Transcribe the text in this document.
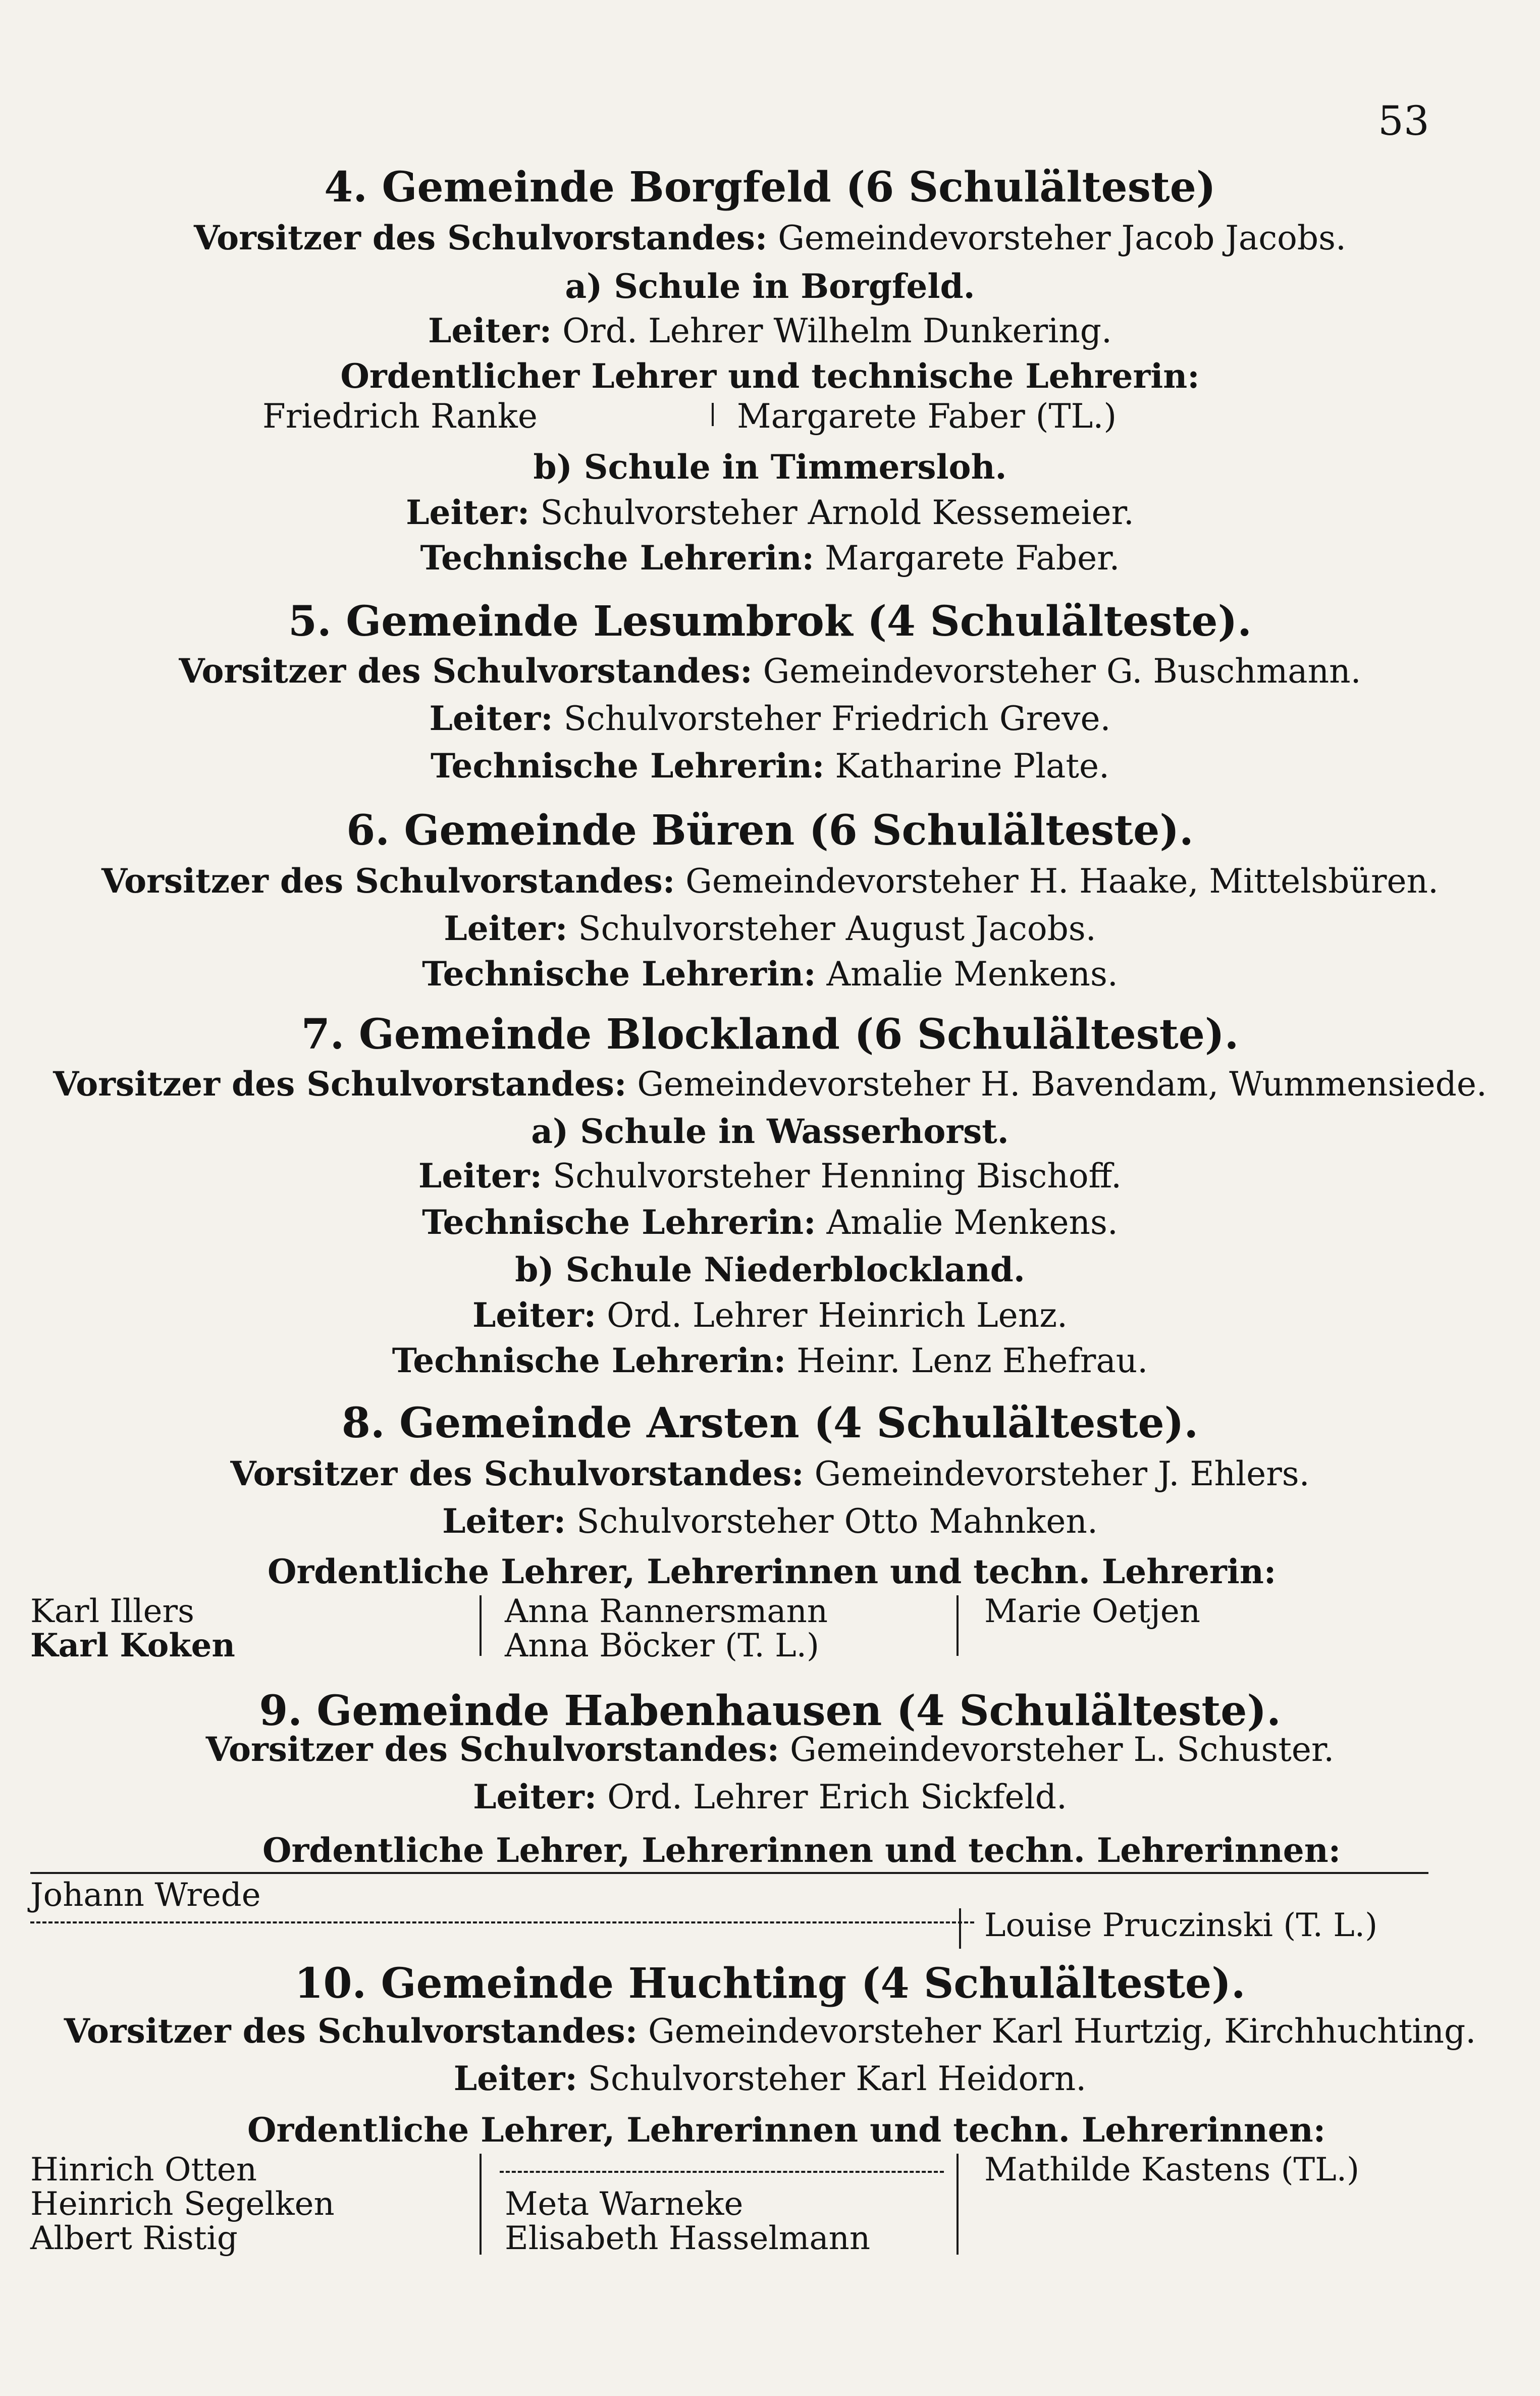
53
4. Gemeinde Borgfeld (6 Schulälteste)
Vorsitzer des Schulvorstandes: Gemeindevorsteher Jacob Jacobs.
a) Schule in Borgfeld.
Leiter: Ord. Lehrer Wilhelm Dunkering.
Ordentlicher Lehrer und technische Lehrerin:
Friedrich Ranke	Margarete Faber (TL.)
b) Schule in Timmersloh.
Leiter: Schulvorsteher Arnold Kessemeier.
Technische Lehrerin: Margarete Faber.
5. Gemeinde Lesumbrok (4 Schulälteste).
Vorsitzer des Schulvorstandes: Gemeindevorsteher G. Buschmann.
Leiter: Schulvorsteher Friedrich Greve.
Technische Lehrerin: Katharine Plate.
6. Gemeinde Büren (6 Schulälteste).
Vorsitzer des Schulvorstandes: Gemeindevorsteher H. Haake, Mittelsbüren.
Leiter: Schulvorsteher August Jacobs.
Technische Lehrerin: Amalie Menkens.
7. Gemeinde Blockland (6 Schulälteste).
Vorsitzer des Schulvorstandes: Gemeindevorsteher H. Bavendam, Wummensiede.
a) Schule in Wasserhorst.
Leiter: Schulvorsteher Henning Bischoff.
Technische Lehrerin: Amalie Menkens.
b) Schule Niederblockland.
Leiter: Ord. Lehrer Heinrich Lenz.
Technische Lehrerin: Heinr. Lenz Ehefrau.
8. Gemeinde Arsten (4 Schulälteste).
Vorsitzer des Schulvorstandes: Gemeindevorsteher J. Ehlers.
Leiter: Schulvorsteher Otto Mahnken.
Ordentliche Lehrer, Lehrerinnen und techn. Lehrerin:
Karl Illers
Karl Koken
Anna Rannersmann
Anna Böcker (T. L.)
Marie Oetjen
9. Gemeinde Habenhausen (4 Schulälteste).
Vorsitzer des Schulvorstandes: Gemeindevorsteher L. Schuster.
Leiter: Ord. Lehrer Erich Sickfeld.
Ordentliche Lehrer, Lehrerinnen und techn. Lehrerinnen:
Johann Wrede
Louise Pruczinski (T. L.)
10. Gemeinde Huchting (4 Schulälteste).
Vorsitzer des Schulvorstandes: Gemeindevorsteher Karl Hurtzig, Kirchhuchting.
Leiter: Schulvorsteher Karl Heidorn.
Ordentliche Lehrer, Lehrerinnen und techn. Lehrerinnen:
Hinrich Otten
Heinrich Segelken
Albert Ristig
Meta Warneke
Elisabeth Hasselmann
Mathilde Kastens (TL.)
